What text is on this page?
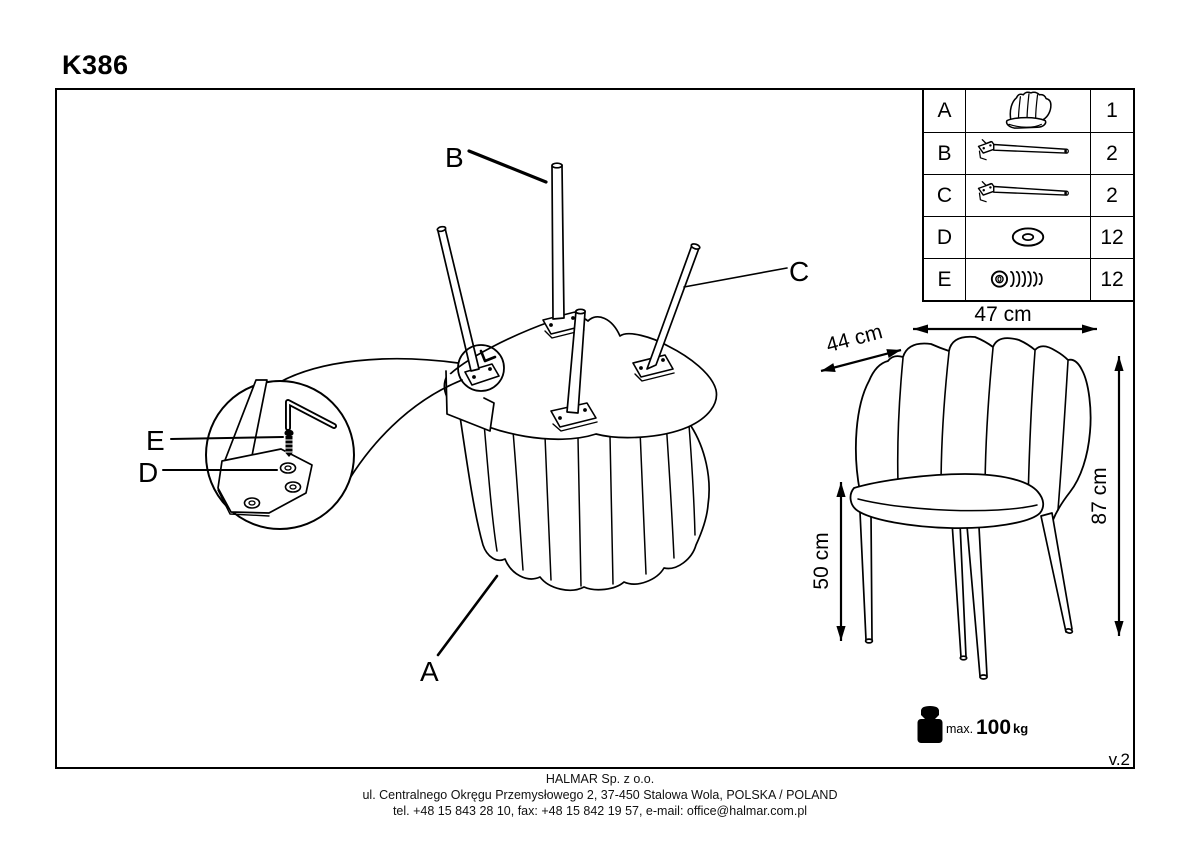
K386
E
D
B
C
A
47 cm
44 cm
87 cm
50 cm
max. 100 kg
v.2
A	1
B	2
C	2
D	12
E	12
HALMAR Sp. z o.o.
ul. Centralnego Okręgu Przemysłowego 2, 37-450 Stalowa Wola, POLSKA / POLAND
tel. +48 15 843 28 10, fax: +48 15 842 19 57, e-mail: office@halmar.com.pl
